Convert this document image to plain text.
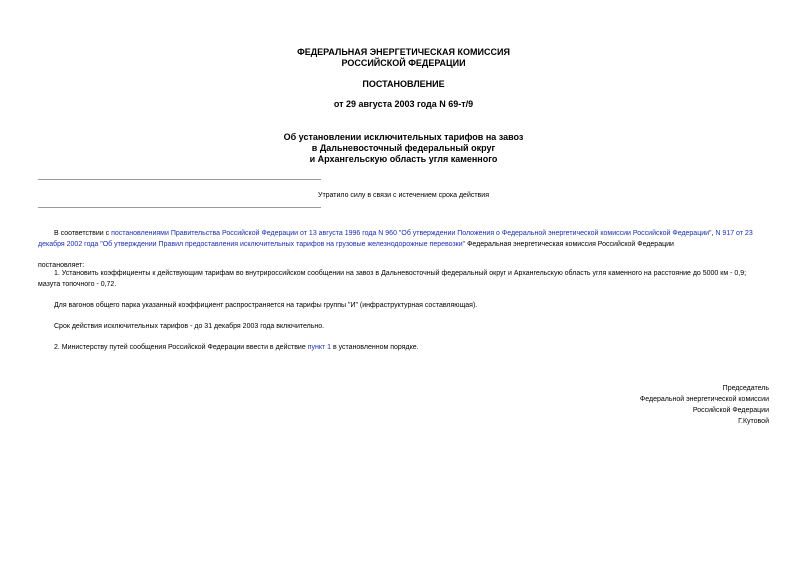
ФЕДЕРАЛЬНАЯ ЭНЕРГЕТИЧЕСКАЯ КОМИССИЯ
РОССИЙСКОЙ ФЕДЕРАЦИИ
ПОСТАНОВЛЕНИЕ
от 29 августа 2003 года N 69-т/9
Об установлении исключительных тарифов на завоз
в Дальневосточный федеральный округ
и Архангельскую область угля каменного
Утратило силу в связи с истечением срока действия
В соответствии с постановлениями Правительства Российской Федерации от 13 августа 1996 года N 960 "Об утверждении Положения о Федеральной энергетической комиссии Российской Федерации", N 917 от 23 декабря 2002 года "Об утверждении Правил предоставления исключительных тарифов на грузовые железнодорожные перевозки" Федеральная энергетическая комиссия Российской Федерации
постановляет:
1. Установить коэффициенты к действующим тарифам во внутрироссийском сообщении на завоз в Дальневосточный федеральный округ и Архангельскую область угля каменного на расстояние до 5000 км - 0,9; мазута топочного - 0,72.
Для вагонов общего парка указанный коэффициент распространяется на тарифы группы "И" (инфраструктурная составляющая).
Срок действия исключительных тарифов - до 31 декабря 2003 года включительно.
2. Министерству путей сообщения Российской Федерации ввести в действие пункт 1 в установленном порядке.
Председатель
Федеральной энергетической комиссии
Российской Федерации
Г.Кутовой
